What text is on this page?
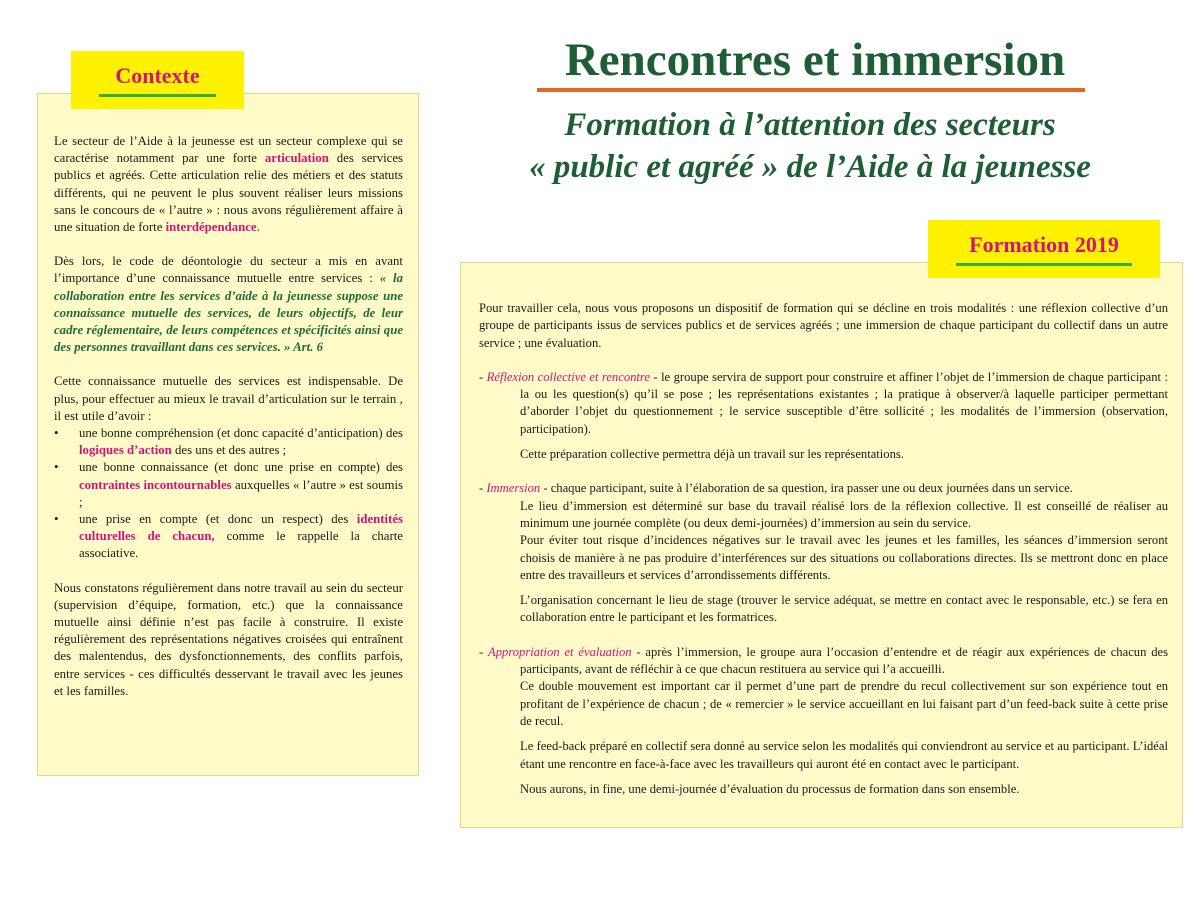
Rencontres et immersion
Formation à l’attention des secteurs
« public et agréé » de l’Aide à la jeunesse

Le secteur de l’Aide à la jeunesse est un secteur complexe qui se caractérise notamment par une forte articulation des services publics et agréés. Cette articulation relie des métiers et des statuts différents, qui ne peuvent le plus souvent réaliser leurs missions sans le concours de « l’autre » : nous avons régulièrement affaire à une situation de forte interdépendance.

Dès lors, le code de déontologie du secteur a mis en avant l’importance d’une connaissance mutuelle entre services : « la collaboration entre les services d’aide à la jeunesse suppose une connaissance mutuelle des services, de leurs objectifs, de leur cadre réglementaire, de leurs compétences et spécificités ainsi que des personnes travaillant dans ces services. » Art. 6

Cette connaissance mutuelle des services est indispensable. De plus, pour effectuer au mieux le travail d’articulation sur le terrain , il est utile d’avoir :

• une bonne compréhension (et donc capacité d’anticipation) des logiques d’action des uns et des autres ;
• une bonne connaissance (et donc une prise en compte) des contraintes incontournables auxquelles « l’autre » est soumis ;
• une prise en compte (et donc un respect) des identités culturelles de chacun, comme le rappelle la charte associative.

Nous constatons régulièrement dans notre travail au sein du secteur (supervision d’équipe, formation, etc.) que la connaissance mutuelle ainsi définie n’est pas facile à construire. Il existe régulièrement des représentations négatives croisées qui entraînent des malentendus, des dysfonctionnements, des conflits parfois, entre services - ces difficultés desservant le travail avec les jeunes et les familles.

Contexte

Pour travailler cela, nous vous proposons un dispositif de formation qui se décline en trois modalités : une réflexion collective d’un groupe de participants issus de services publics et de services agréés ; une immersion de chaque participant du collectif dans un autre service ; une évaluation.

- Réflexion collective et rencontre - le groupe servira de support pour construire et affiner l’objet de l’immersion de chaque participant : la ou les question(s) qu’il se pose ; les représentations existantes ; la pratique à observer/à laquelle participer permettant d’aborder l’objet du questionnement ; le service susceptible d’être sollicité ; les modalités de l’immersion (observation, participation).

Cette préparation collective permettra déjà un travail sur les représentations.

- Immersion - chaque participant, suite à l’élaboration de sa question, ira passer une ou deux journées dans un service.

Le lieu d’immersion est déterminé sur base du travail réalisé lors de la réflexion collective. Il est conseillé de réaliser au minimum une journée complète (ou deux demi-journées) d’immersion au sein du service.

Pour éviter tout risque d’incidences négatives sur le travail avec les jeunes et les familles, les séances d’immersion seront choisis de manière à ne pas produire d’interférences sur des situations ou collaborations directes. Ils se mettront donc en place entre des travailleurs et services d’arrondissements différents.

L’organisation concernant le lieu de stage (trouver le service adéquat, se mettre en contact avec le responsable, etc.) se fera en collaboration entre le participant et les formatrices.

- Appropriation et évaluation - après l’immersion, le groupe aura l’occasion d’entendre et de réagir aux expériences de chacun des participants, avant de réfléchir à ce que chacun restituera au service qui l’a accueilli.

Ce double mouvement est important car il permet d’une part de prendre du recul collectivement sur son expérience tout en profitant de l’expérience de chacun ; de « remercier » le service accueillant en lui faisant part d’un feed-back suite à cette prise de recul.

Le feed-back préparé en collectif sera donné au service selon les modalités qui conviendront au service et au participant. L’idéal étant une rencontre en face-à-face avec les travailleurs qui auront été en contact avec le participant.

Nous aurons, in fine, une demi-journée d’évaluation du processus de formation dans son ensemble.

Formation 2019
